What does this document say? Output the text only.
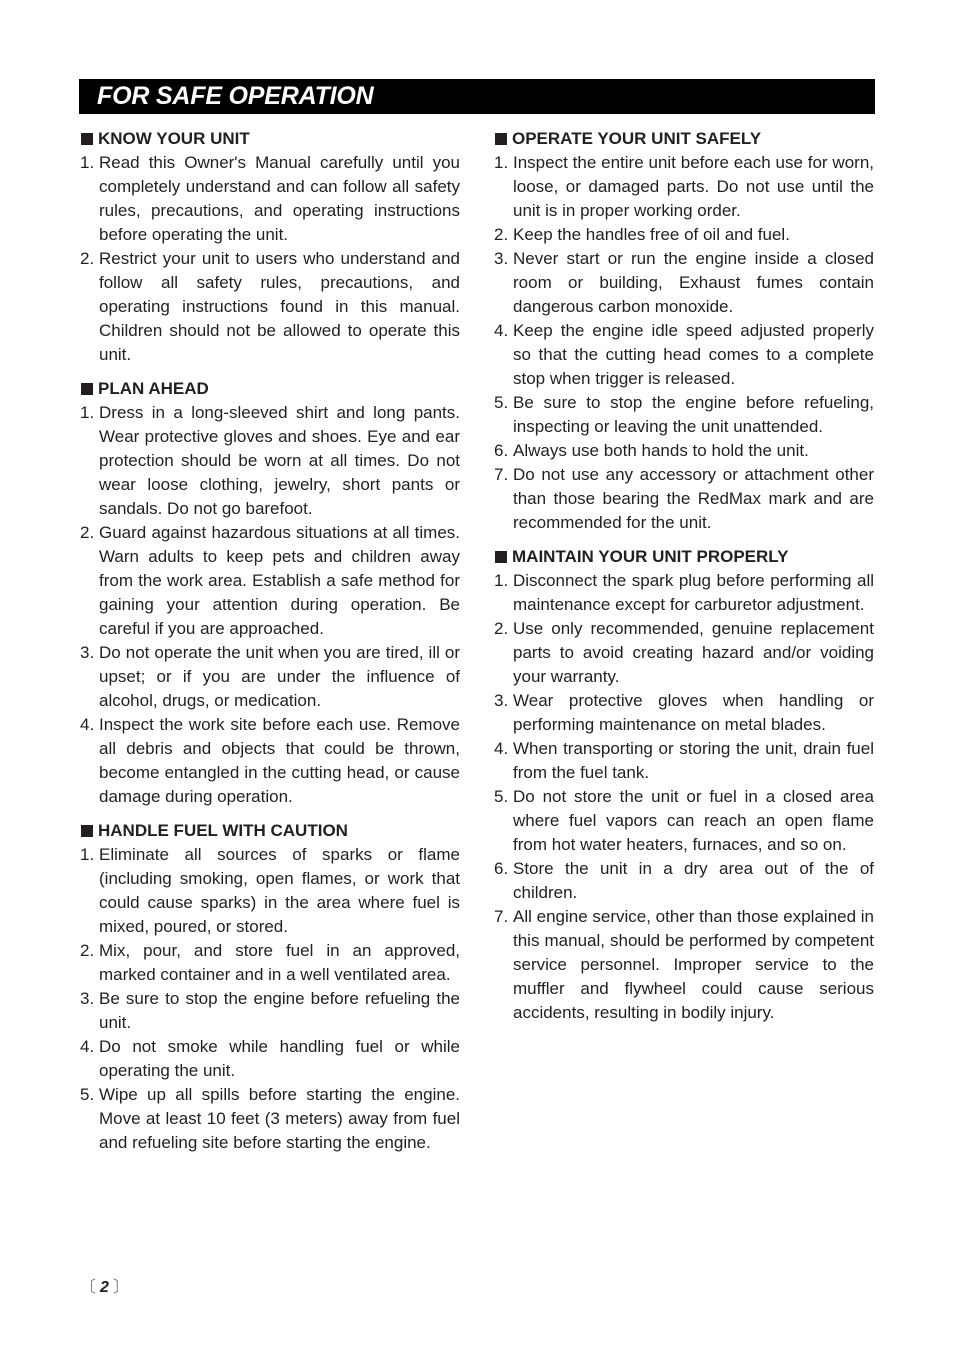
FOR SAFE OPERATION
KNOW YOUR UNIT
1. Read this Owner's Manual carefully until you completely understand and can follow all safety rules, precautions, and operating instructions before operating the unit.
2. Restrict your unit to users who understand and follow all safety rules, precautions, and operating instructions found in this manual. Children should not be allowed to operate this unit.
PLAN AHEAD
1. Dress in a long-sleeved shirt and long pants. Wear protective gloves and shoes. Eye and ear protection should be worn at all times. Do not wear loose clothing, jewelry, short pants or sandals. Do not go barefoot.
2. Guard against hazardous situations at all times. Warn adults to keep pets and children away from the work area. Establish a safe method for gaining your attention during operation. Be careful if you are approached.
3. Do not operate the unit when you are tired, ill or upset; or if you are under the influence of alcohol, drugs, or medication.
4. Inspect the work site before each use. Remove all debris and objects that could be thrown, become entangled in the cutting head, or cause damage during operation.
HANDLE FUEL WITH CAUTION
1. Eliminate all sources of sparks or flame (including smoking, open flames, or work that could cause sparks) in the area where fuel is mixed, poured, or stored.
2. Mix, pour, and store fuel in an approved, marked container and in a well ventilated area.
3. Be sure to stop the engine before refueling the unit.
4. Do not smoke while handling fuel or while operating the unit.
5. Wipe up all spills before starting the engine. Move at least 10 feet (3 meters) away from fuel and refueling site before starting the engine.
OPERATE YOUR UNIT SAFELY
1. Inspect the entire unit before each use for worn, loose, or damaged parts. Do not use until the unit is in proper working order.
2. Keep the handles free of oil and fuel.
3. Never start or run the engine inside a closed room or building, Exhaust fumes contain dangerous carbon monoxide.
4. Keep the engine idle speed adjusted properly so that the cutting head comes to a complete stop when trigger is released.
5. Be sure to stop the engine before refueling, inspecting or leaving the unit unattended.
6. Always use both hands to hold the unit.
7. Do not use any accessory or attachment other than those bearing the RedMax mark and are recommended for the unit.
MAINTAIN YOUR UNIT PROPERLY
1. Disconnect the spark plug before performing all maintenance except for carburetor adjustment.
2. Use only recommended, genuine replacement parts to avoid creating hazard and/or voiding your warranty.
3. Wear protective gloves when handling or performing maintenance on metal blades.
4. When transporting or storing the unit, drain fuel from the fuel tank.
5. Do not store the unit or fuel in a closed area where fuel vapors can reach an open flame from hot water heaters, furnaces, and so on.
6. Store the unit in a dry area out of the of children.
7. All engine service, other than those explained in this manual, should be performed by competent service personnel. Improper service to the muffler and flywheel could cause serious accidents, resulting in bodily injury.
〔 2 〕
